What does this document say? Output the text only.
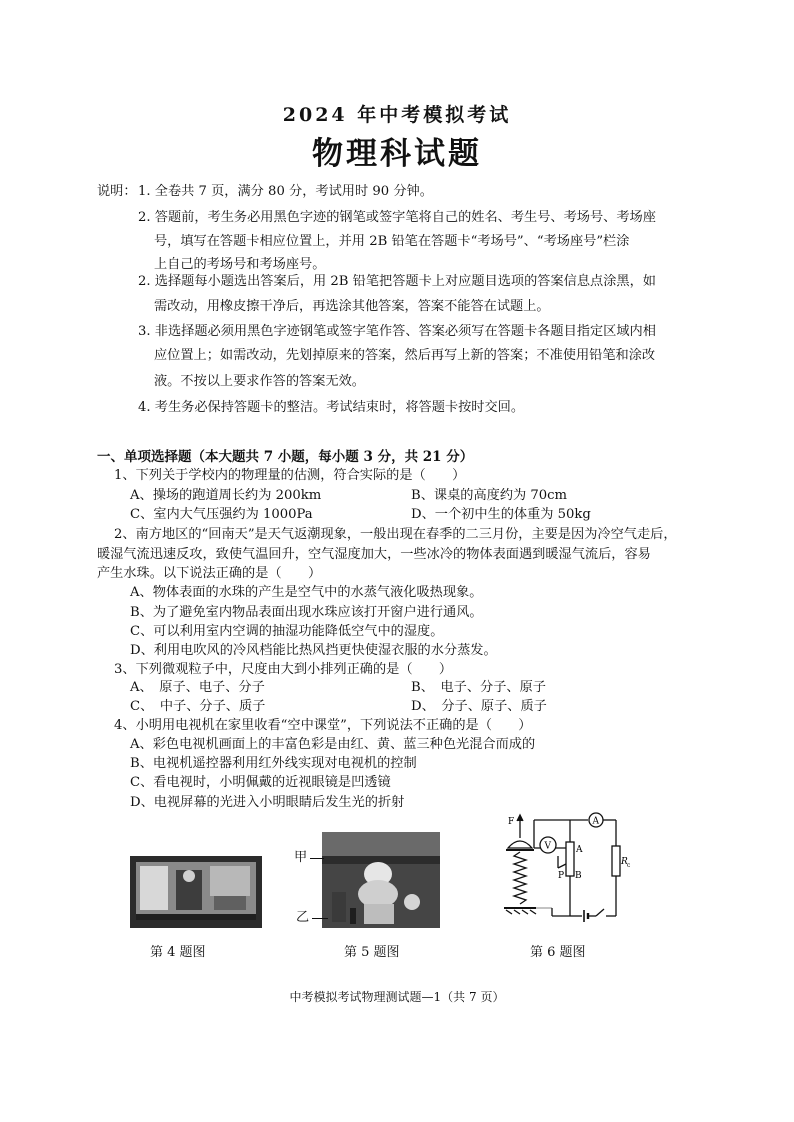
2024 年中考模拟考试
物理科试题
说明： 1. 全卷共 7 页，满分 80 分，考试用时 90 分钟。
2. 答题前，考生务必用黑色字迹的钢笔或签字笔将自己的姓名、考生号、考场号、考场座
号，填写在答题卡相应位置上，并用 2B 铅笔在答题卡“考场号”、“考场座号”栏涂
上自己的考场号和考场座号。
2. 选择题每小题选出答案后，用 2B 铅笔把答题卡上对应题目选项的答案信息点涂黑，如
需改动，用橡皮擦干净后，再选涂其他答案，答案不能答在试题上。
3. 非选择题必须用黑色字迹钢笔或签字笔作答、答案必须写在答题卡各题目指定区域内相
应位置上；如需改动，先划掉原来的答案，然后再写上新的答案；不准使用铅笔和涂改
液。不按以上要求作答的答案无效。
4. 考生务必保持答题卡的整洁。考试结束时，将答题卡按时交回。
一、单项选择题（本大题共 7 小题，每小题 3 分，共 21 分）
1、下列关于学校内的物理量的估测，符合实际的是（　　）
A、操场的跑道周长约为 200km	B、课桌的高度约为 70cm
C、室内大气压强约为 1000Pa	D、一个初中生的体重为 50kg
2、南方地区的“回南天”是天气返潮现象，一般出现在春季的二三月份，主要是因为冷空气走后，
暖湿气流迅速反攻，致使气温回升，空气湿度加大，一些冰冷的物体表面遇到暖湿气流后，容易
产生水珠。以下说法正确的是（　　）
A、物体表面的水珠的产生是空气中的水蒸气液化吸热现象。
B、为了避免室内物品表面出现水珠应该打开窗户进行通风。
C、可以利用室内空调的抽湿功能降低空气中的湿度。
D、利用电吹风的冷风档能比热风挡更快使湿衣服的水分蒸发。
3、下列微观粒子中，尺度由大到小排列正确的是（　　）
A、　原子、电子、分子	B、　电子、分子、原子
C、　中子、分子、质子	D、　分子、原子、质子
4、小明用电视机在家里收看“空中课堂”，下列说法不正确的是（　　）
A、彩色电视机画面上的丰富色彩是由红、黄、蓝三种色光混合而成的
B、电视机遥控器利用红外线实现对电视机的控制
C、看电视时，小明佩戴的近视眼镜是凹透镜
D、电视屏幕的光进入小明眼睛后发生光的折射
甲
乙
F
V
A
A
P B
R c
第 4 题图	第 5 题图	第 6 题图
中考模拟考试物理测试题—1（共 7 页）
